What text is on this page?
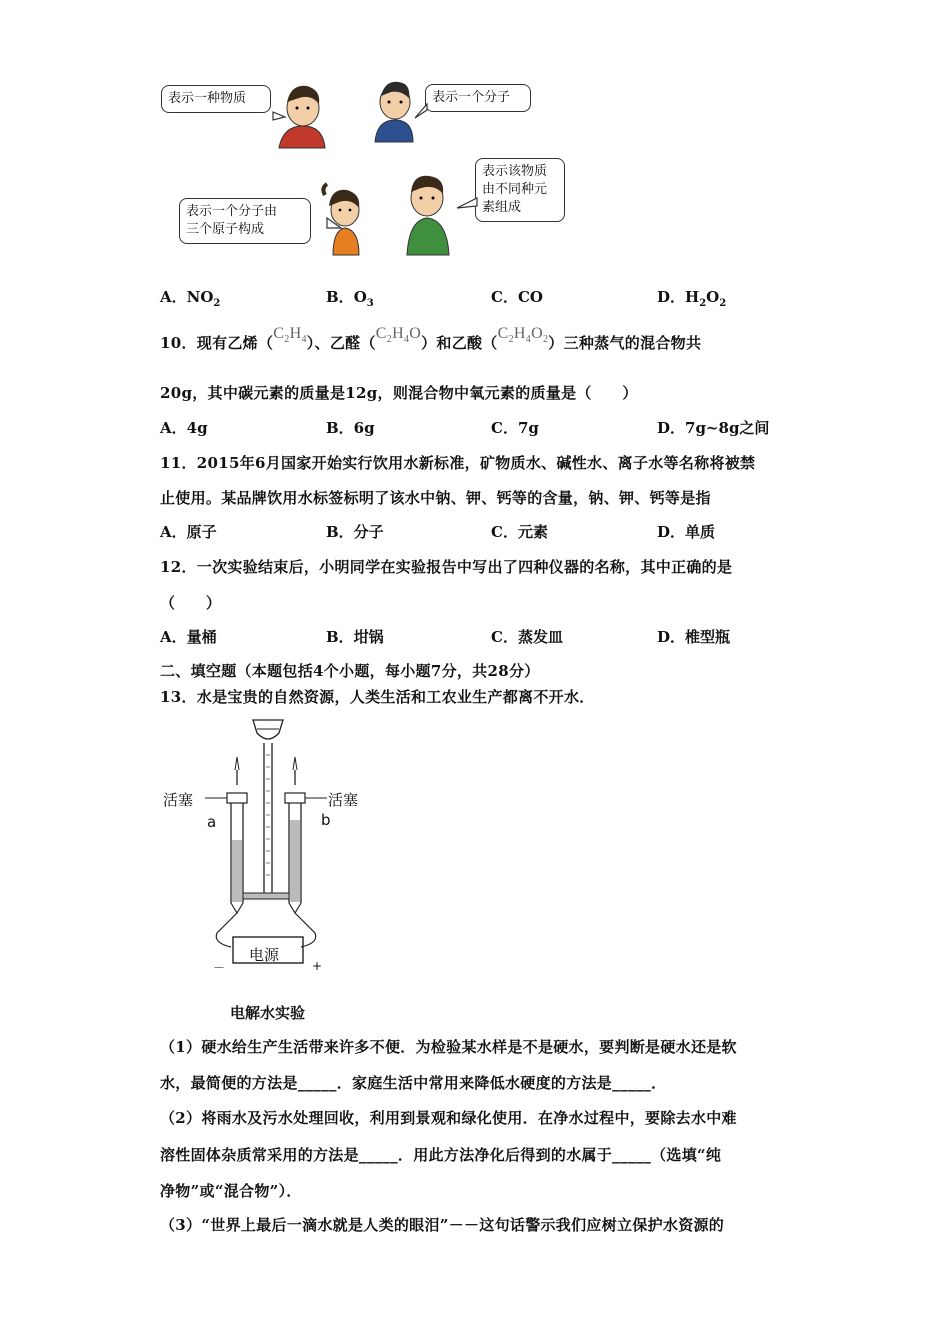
表示一种物质	表示一个分子
表示一个分子由
三个原子构成
表示该物质
由不同种元
素组成
A．$NO_2$	B．$O_3$	C．CO	D．$H_2O_2$
10．现有乙烯$(C_2H_4)$、乙醛$(C_2H_4O)$和乙酸$(C_2H_4O_2)$三种蒸气的混合物共
20g，其中碳元素的质量是12g，则混合物中氧元素的质量是（　　）
A．4g	B．6g	C．7g	D．7g~8g之间
11．2015年6月国家开始实行饮用水新标准，矿物质水、碱性水、离子水等名称将被禁
止使用。某品牌饮用水标签标明了该水中钠、钾、钙等的含量，钠、钾、钙等是指
A．原子	B．分子	C．元素	D．单质
12．一次实验结束后，小明同学在实验报告中写出了四种仪器的名称，其中正确的是
（　　）
A．量桶	B．坩锅	C．蒸发皿	D．椎型瓶
二、填空题（本题包括4个小题，每小题7分，共28分）
13．水是宝贵的自然资源，人类生活和工农业生产都离不开水．
活塞	活塞
a	b
电源
－	+
电解水实验
（1）硬水给生产生活带来许多不便．为检验某水样是不是硬水，要判断是硬水还是软
水，最简便的方法是_____．家庭生活中常用来降低水硬度的方法是_____．
（2）将雨水及污水处理回收，利用到景观和绿化使用．在净水过程中，要除去水中难
溶性固体杂质常采用的方法是_____．用此方法净化后得到的水属于_____（选填“纯
净物”或“混合物”）．
（3）“世界上最后一滴水就是人类的眼泪”－－这句话警示我们应树立保护水资源的
